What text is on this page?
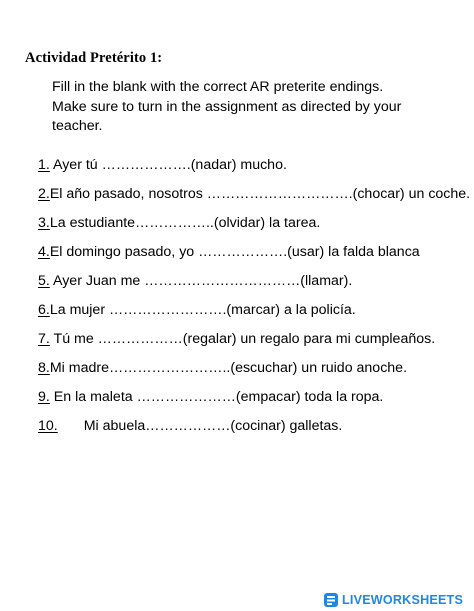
Actividad Pretérito 1:
Fill in the blank with the correct AR preterite endings.
Make sure to turn in the assignment as directed by your
teacher.
1. Ayer tú ……………….(nadar) mucho.
2.El año pasado, nosotros ………………………….(chocar) un coche.
3.La estudiante……………..(olvidar) la tarea.
4.El domingo pasado, yo ……………….(usar) la falda blanca
5. Ayer Juan me ……………………………(llamar).
6.La mujer …………………….(marcar) a la policía.
7. Tú me ………………(regalar) un regalo para mi cumpleaños.
8.Mi madre……………………..(escuchar) un ruido anoche.
9. En la maleta …………………(empacar) toda la ropa.
10. Mi abuela………………(cocinar) galletas.
LIVEWORKSHEETS
